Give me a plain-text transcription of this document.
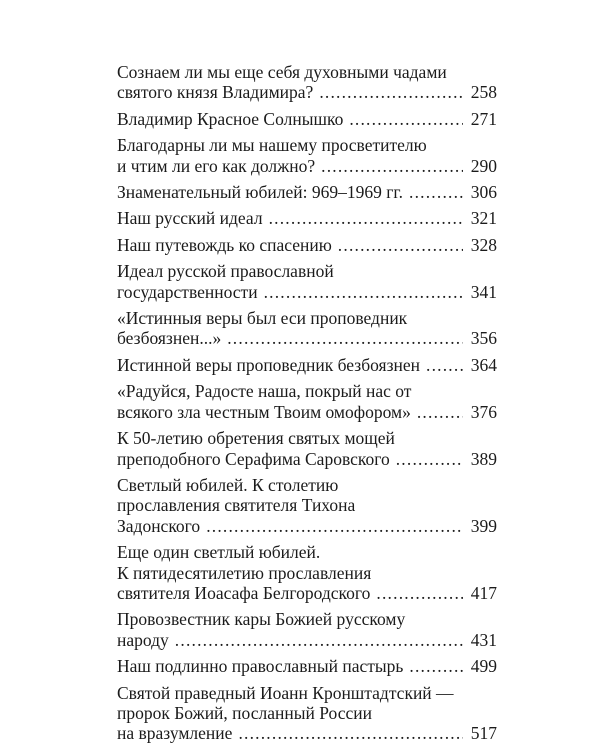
Сознаем ли мы еще себя духовными чадами
святого князя Владимира? .....	258
Владимир Красное Солнышко .....	271
Благодарны ли мы нашему просветителю
и чтим ли его как должно? .....	290
Знаменательный юбилей: 969–1969 гг. .....	306
Наш русский идеал .....	321
Наш путевождь ко спасению .....	328
Идеал русской православной
государственности .....	341
«Истинныя веры был еси проповедник
безбоязнен...» .....	356
Истинной веры проповедник безбоязнен .....	364
«Радуйся, Радосте наша, покрый нас от
всякого зла честным Твоим омофором» .....	376
К 50-летию обретения святых мощей
преподобного Серафима Саровского .....	389
Светлый юбилей. К столетию
прославления святителя Тихона
Задонского .....	399
Еще один светлый юбилей.
К пятидесятилетию прославления
святителя Иоасафа Белгородского .....	417
Провозвестник кары Божией русскому
народу .....	431
Наш подлинно православный пастырь .....	499
Святой праведный Иоанн Кронштадтский —
пророк Божий, посланный России
на вразумление .....	517
